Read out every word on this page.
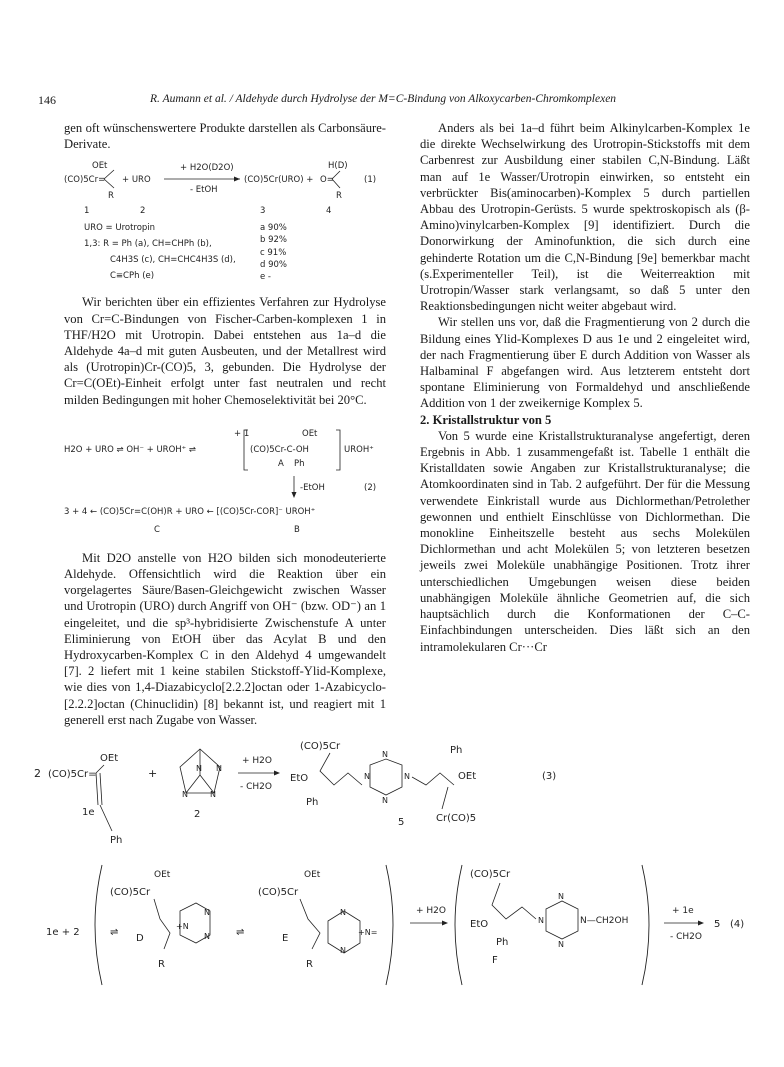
146	R. Aumann et al. / Aldehyde durch Hydrolyse der M=C-Bindung von Alkoxycarben-Chromkomplexen

gen oft wünschenswertere Produkte darstellen als Carbonsäure-Derivate.

OEt
(CO)5Cr=
R
+ URO
+ H2O(D2O)
- EtOH
(CO)5Cr(URO) +
H(D)
O=
R
(1)
1	2	3	4
URO = Urotropin
1,3: R = Ph (a), CH=CHPh (b),
C4H3S (c), CH=CHC4H3S (d),
C≡CPh (e)
a 90%
b 92%
c 91%
d 90%
e -

Wir berichten über ein effizientes Verfahren zur Hydrolyse von Cr=C-Bindungen von Fischer-Carben-komplexen 1 in THF/H2O mit Urotropin. Dabei entstehen aus 1a–d die Aldehyde 4a–d mit guten Ausbeuten, und der Metallrest wird als (Urotropin)Cr-(CO)5, 3, gebunden. Die Hydrolyse der Cr=C(OEt)-Einheit erfolgt unter fast neutralen und recht milden Bedingungen mit hoher Chemoselektivität bei 20°C.

+ 1	OEt
H2O + URO ⇌ OH⁻ + UROH⁺ ⇌	(CO)5Cr-C-OH	UROH⁺
Ph
A
-EtOH	(2)
3 + 4 ← (CO)5Cr=C(OH)R + URO ← [(CO)5Cr-COR]⁻ UROH⁺
C	B

Mit D2O anstelle von H2O bilden sich monodeuterierte Aldehyde. Offensichtlich wird die Reaktion über ein vorgelagertes Säure/Basen-Gleichgewicht zwischen Wasser und Urotropin (URO) durch Angriff von OH⁻ (bzw. OD⁻) an 1 eingeleitet, und die sp³-hybridisierte Zwischenstufe A unter Eliminierung von EtOH über das Acylat B und den Hydroxycarben-Komplex C in den Aldehyd 4 umgewandelt [7]. 2 liefert mit 1 keine stabilen Stickstoff-Ylid-Komplexe, wie dies von 1,4-Diazabicyclo[2.2.2]octan oder 1-Azabicyclo-[2.2.2]octan (Chinuclidin) [8] bekannt ist, und reagiert mit 1 generell erst nach Zugabe von Wasser.

Anders als bei 1a–d führt beim Alkinylcarben-Komplex 1e die direkte Wechselwirkung des Urotropin-Stickstoffs mit dem Carbenrest zur Ausbildung einer stabilen C,N-Bindung. Läßt man auf 1e Wasser/Urotropin einwirken, so entsteht ein verbrückter Bis(aminocarben)-Komplex 5 durch partiellen Abbau des Urotropin-Gerüsts. 5 wurde spektroskopisch als (β-Amino)vinylcarben-Komplex [9] identifiziert. Durch die Donorwirkung der Aminofunktion, die sich durch eine gehinderte Rotation um die C,N-Bindung [9e] bemerkbar macht (s.Experimenteller Teil), ist die Weiterreaktion mit Urotropin/Wasser stark verlangsamt, so daß 5 unter den Reaktionsbedingungen nicht weiter abgebaut wird.

Wir stellen uns vor, daß die Fragmentierung von 2 durch die Bildung eines Ylid-Komplexes D aus 1e und 2 eingeleitet wird, der nach Fragmentierung über E durch Addition von Wasser als Halbaminal F abgefangen wird. Aus letzterem entsteht dort spontane Eliminierung von Formaldehyd und anschließende Addition von 1 der zweikernige Komplex 5.

2. Kristallstruktur von 5

Von 5 wurde eine Kristallstrukturanalyse angefertigt, deren Ergebnis in Abb. 1 zusammengefaßt ist. Tabelle 1 enthält die Kristalldaten sowie Angaben zur Kristallstrukturanalyse; die Atomkoordinaten sind in Tab. 2 aufgeführt. Der für die Messung verwendete Einkristall wurde aus Dichlormethan/Petrolether gewonnen und enthielt Einschlüsse von Dichlormethan. Die monokline Einheitszelle besteht aus sechs Molekülen Dichlormethan und acht Molekülen 5; von letzteren besetzen jeweils zwei Moleküle unabhängige Positionen. Trotz ihrer unterschiedlichen Umgebungen weisen diese beiden unabhängigen Moleküle ähnliche Geometrien auf, die sich hauptsächlich durch die Konformationen der C–C-Einfachbindungen unterscheiden. Dies läßt sich an den intramolekularen Cr···Cr

2 (CO)5Cr=
OEt
Ph
1e
+	N
N	N
N
2
+ H2O
- CH2O
(CO)5Cr
EtO
Ph
N	N
N
N
Ph
OEt
Cr(CO)5
5
(3)
1e + 2
(CO)5Cr
OEt
⇌
D
R
+N
N
N	⇌
(CO)5Cr
OEt
E
R
N
N
+N=
+ H2O
(CO)5Cr
EtO
Ph
N
N
N
N—CH2OH
F
+ 1e
- CH2O
5 (4)
